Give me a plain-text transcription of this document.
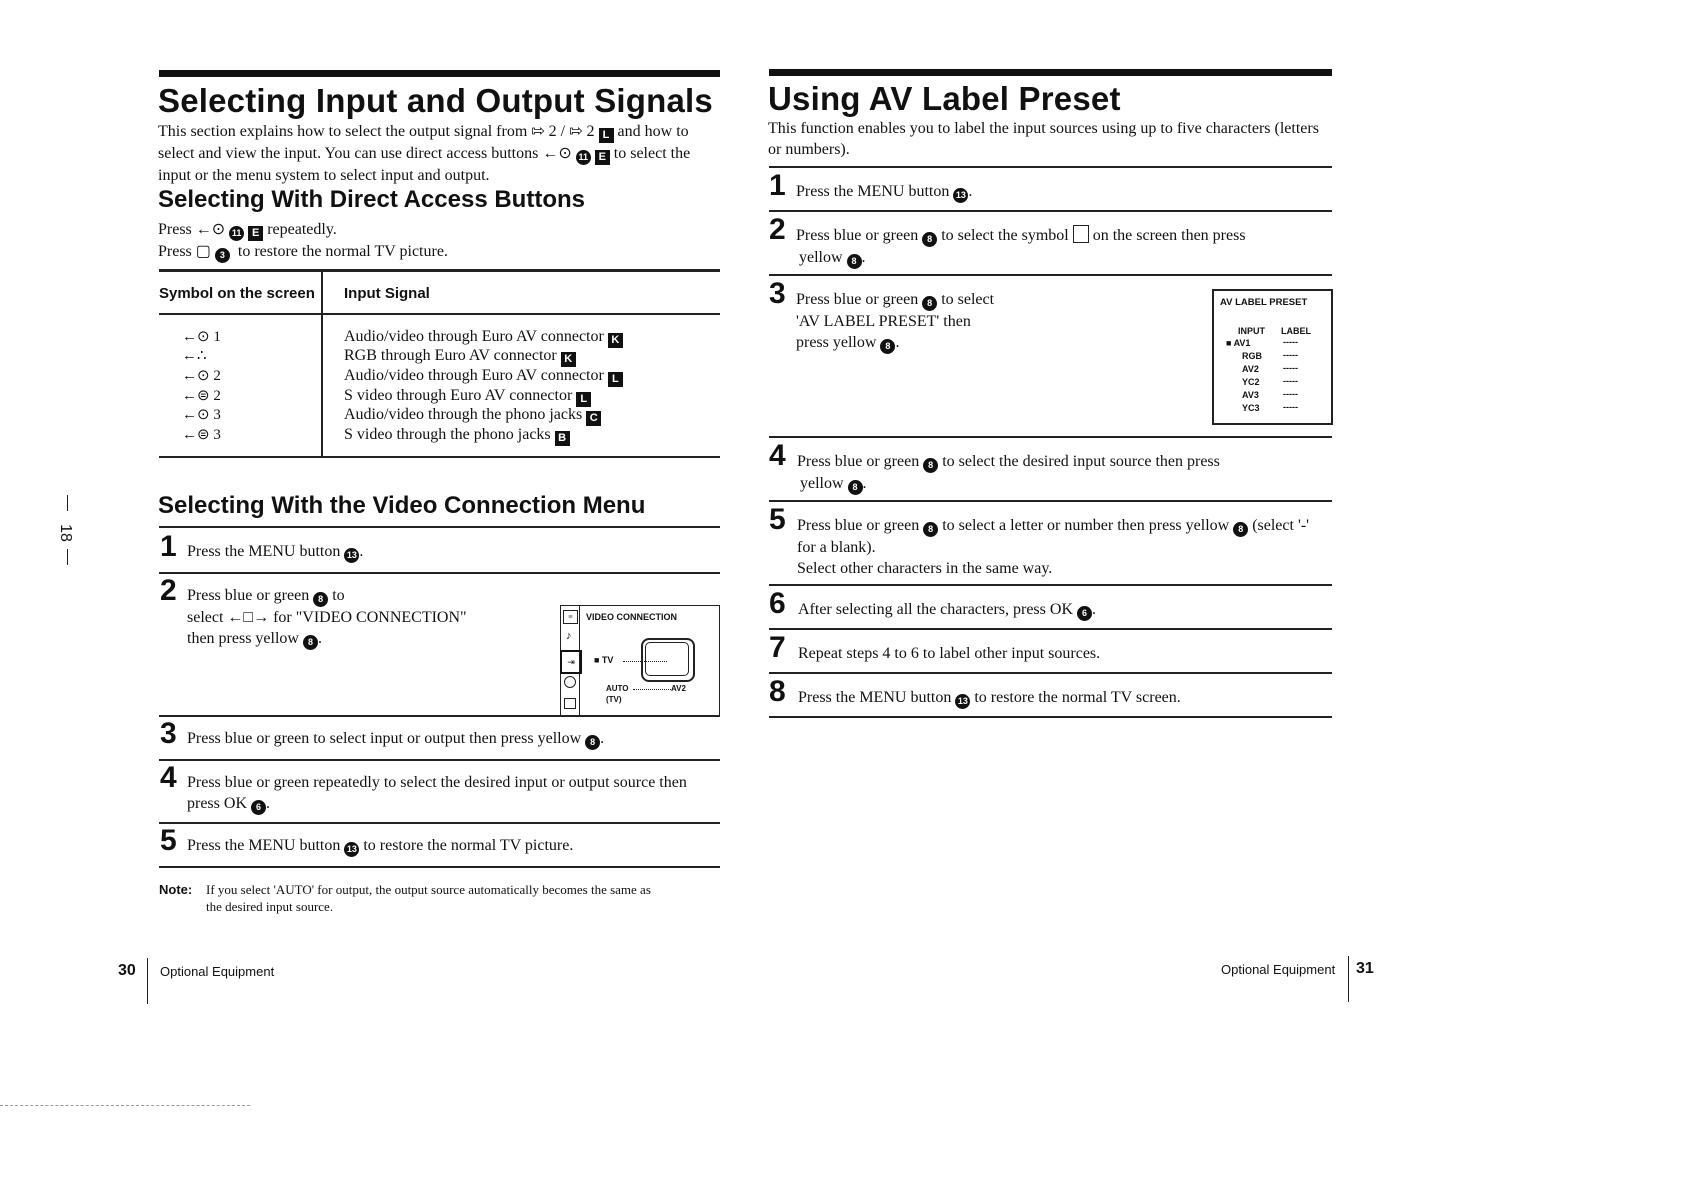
Selecting Input and Output Signals
This section explains how to select the output signal from ⇰ 2 / ⇰ 2 L and how to
select and view the input. You can use direct access buttons ←⊙ 11 E to select the
input or the menu system to select input and output.
Selecting With Direct Access Buttons
Press ←⊙ 11 E repeatedly.
Press ▢ 3 to restore the normal TV picture.
Symbol on the screen Input Signal
←⊙ 1
←∴
←⊙ 2
←⊜ 2
←⊙ 3
←⊜ 3
Audio/video through Euro AV connector K
RGB through Euro AV connector K
Audio/video through Euro AV connector L
S video through Euro AV connector L
Audio/video through the phono jacks C
S video through the phono jacks B
Selecting With the Video Connection Menu
1 Press the MENU button 13 .
2 Press blue or green 8 to
select ←□→ for "VIDEO CONNECTION"
then press yellow 8 .
VIDEO CONNECTION
≡
♪
⇥	■ TV
AUTO
(TV)
AV2
3 Press blue or green to select input or output then press yellow 8 .
4 Press blue or green repeatedly to select the desired input or output source then
press OK 6 .
5 Press the MENU button 13 to restore the normal TV picture.
Note: If you select 'AUTO' for output, the output source automatically becomes the same as
the desired input source.
30 Optional Equipment
18
Using AV Label Preset
This function enables you to label the input sources using up to five characters (letters
or numbers).
1 Press the MENU button 13 .
2 Press blue or green 8 to select the symbol on the screen then press
yellow 8 .
3 Press blue or green 8 to select
'AV LABEL PRESET' then
press yellow 8 .
AV LABEL PRESET
INPUT LABEL
■ AV1	-----
RGB -----
AV2	-----
YC2	-----
AV3	-----
YC3	-----
4 Press blue or green 8 to select the desired input source then press
yellow 8 .
5 Press blue or green 8 to select a letter or number then press yellow 8 (select '-'
for a blank).
Select other characters in the same way.
6 After selecting all the characters, press OK 6 .
7 Repeat steps 4 to 6 to label other input sources.
8 Press the MENU button 13 to restore the normal TV screen.
Optional Equipment 31
